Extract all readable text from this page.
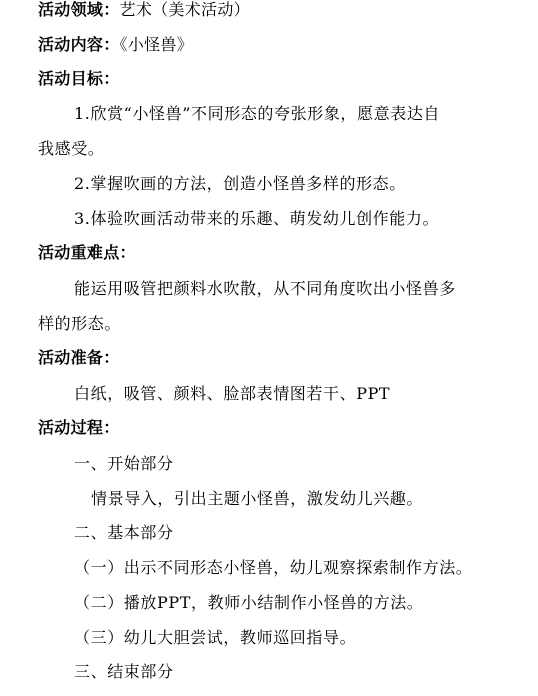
活动领域：艺术（美术活动）
活动内容：《小怪兽》
活动目标：
1.欣赏“小怪兽”不同形态的夸张形象，愿意表达自
我感受。
2.掌握吹画的方法，创造小怪兽多样的形态。
3.体验吹画活动带来的乐趣、萌发幼儿创作能力。
活动重难点：
能运用吸管把颜料水吹散，从不同角度吹出小怪兽多
样的形态。
活动准备：
白纸，吸管、颜料、脸部表情图若干、PPT
活动过程：
一、开始部分
情景导入，引出主题小怪兽，激发幼儿兴趣。
二、基本部分
（一）出示不同形态小怪兽，幼儿观察探索制作方法。
（二）播放PPT，教师小结制作小怪兽的方法。
（三）幼儿大胆尝试，教师巡回指导。
三、结束部分
